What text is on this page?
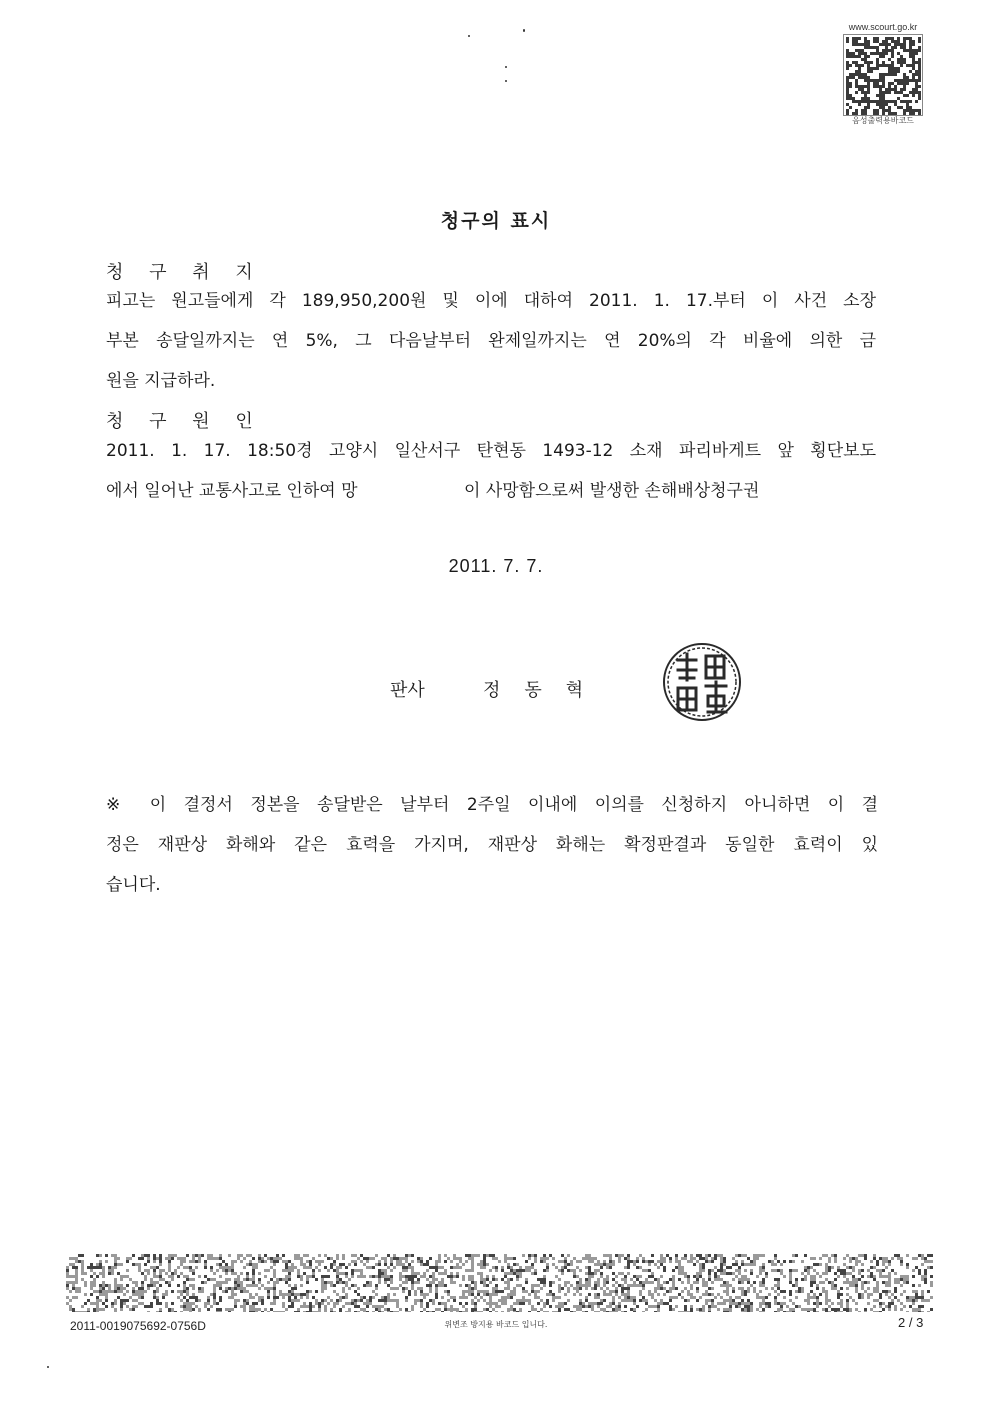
www.scourt.go.kr
음성출력용바코드
청구의 표시
청 구 취 지
피고는 원고들에게 각 189,950,200원 및 이에 대하여 2011. 1. 17.부터 이 사건 소장
부본 송달일까지는 연 5%, 그 다음날부터 완제일까지는 연 20%의 각 비율에 의한 금
원을 지급하라.
청 구 원 인
2011. 1. 17. 18:50경 고양시 일산서구 탄현동 1493-12 소재 파리바게트 앞 횡단보도
에서 일어난 교통사고로 인하여 망	이 사망함으로써 발생한 손해배상청구권
2011. 7. 7.
판사	정동혁
※ 이 결정서 정본을 송달받은 날부터 2주일 이내에 이의를 신청하지 아니하면 이 결
정은 재판상 화해와 같은 효력을 가지며, 재판상 화해는 확정판결과 동일한 효력이 있
습니다.
2011-0019075692-0756D	위변조 방지용 바코드 입니다.	2 / 3
